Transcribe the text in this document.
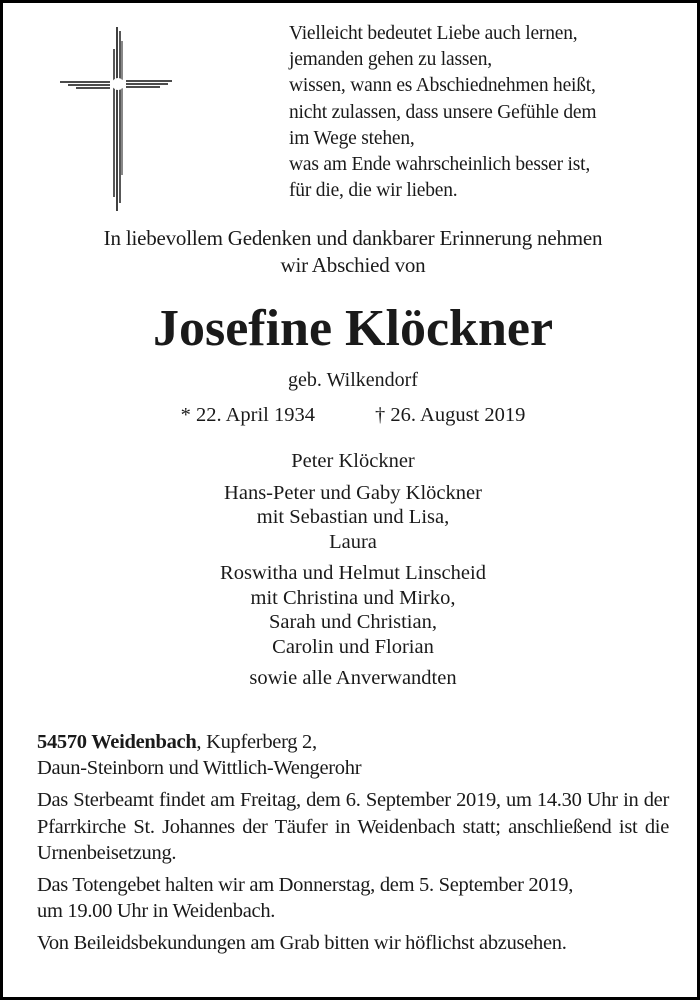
Vielleicht bedeutet Liebe auch lernen,
jemanden gehen zu lassen,
wissen, wann es Abschiednehmen heißt,
nicht zulassen, dass unsere Gefühle dem
im Wege stehen,
was am Ende wahrscheinlich besser ist,
für die, die wir lieben.
In liebevollem Gedenken und dankbarer Erinnerung nehmen
wir Abschied von
Josefine Klöckner
geb. Wilkendorf
* 22. April 1934	† 26. August 2019
Peter Klöckner
Hans-Peter und Gaby Klöckner
mit Sebastian und Lisa,
Laura
Roswitha und Helmut Linscheid
mit Christina und Mirko,
Sarah und Christian,
Carolin und Florian
sowie alle Anverwandten

54570 Weidenbach, Kupferberg 2,
Daun-Steinborn und Wittlich-Wengerohr

Das Sterbeamt findet am Freitag, dem 6. September 2019, um 14.30 Uhr in der Pfarrkirche St. Johannes der Täufer in Weidenbach statt; anschließend ist die Urnenbeisetzung.

Das Totengebet halten wir am Donnerstag, dem 5. September 2019,
um 19.00 Uhr in Weidenbach.

Von Beileidsbekundungen am Grab bitten wir höflichst abzusehen.
